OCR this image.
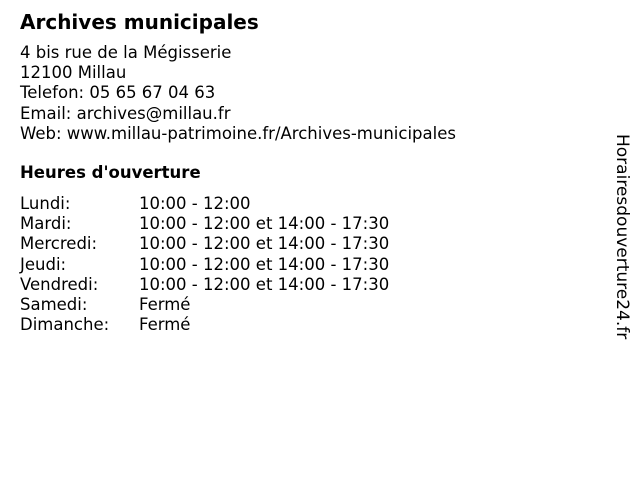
Archives municipales
4 bis rue de la Mégisserie
12100 Millau
Telefon: 05 65 67 04 63
Email: archives@millau.fr
Web: www.millau-patrimoine.fr/Archives-municipales
Heures d'ouverture
Lundi:	10:00 - 12:00
Mardi:	10:00 - 12:00 et 14:00 - 17:30
Mercredi:	10:00 - 12:00 et 14:00 - 17:30
Jeudi:	10:00 - 12:00 et 14:00 - 17:30
Vendredi: 10:00 - 12:00 et 14:00 - 17:30
Samedi:	Fermé
Dimanche: Fermé	Horairesdouverture24.fr
